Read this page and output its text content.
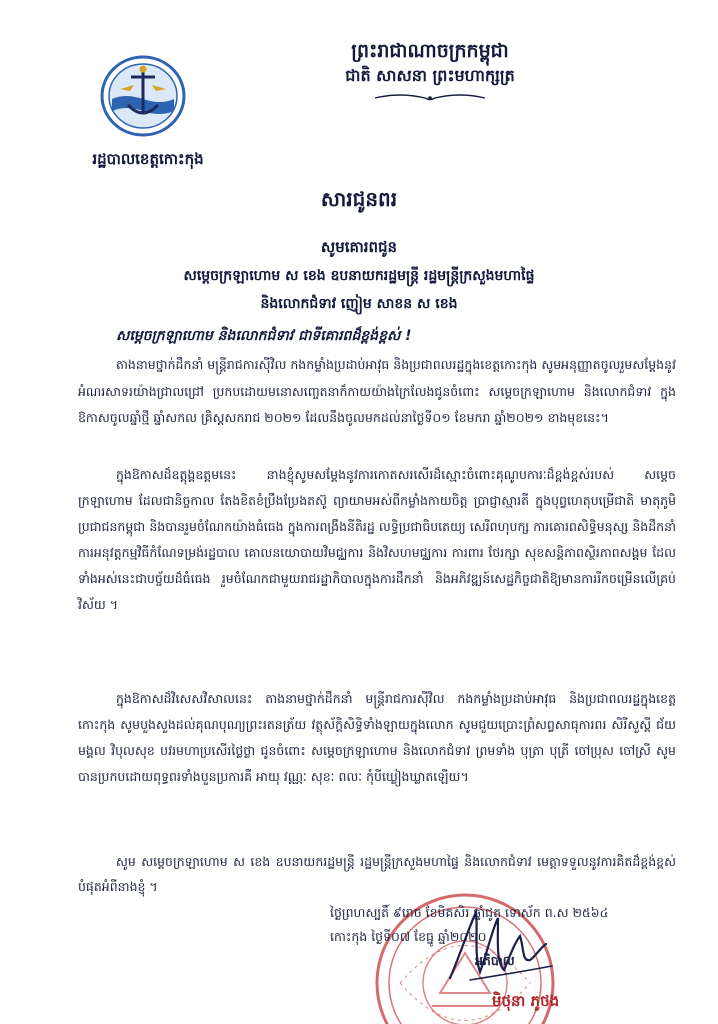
ព្រះរាជាណាចក្រកម្ពុជា
ជាតិ សាសនា ព្រះមហាក្សត្រ
រដ្ឋបាលខេត្តកោះកុង
សារជូនពរ
សូមគោរពជូន
សម្តេចក្រឡាហោម ស ខេង ឧបនាយករដ្ឋមន្ត្រី រដ្ឋមន្ត្រីក្រសួងមហាផ្ទៃ
និងលោកជំទាវ ញៀម សាខន ស ខេង
សម្តេចក្រឡាហោម និងលោកជំទាវ ជាទីគោរពដ៏ខ្ពង់ខ្ពស់ !
តាងនាមថ្នាក់ដឹកនាំ មន្ត្រីរាជការស៊ីវិល កងកម្លាំងប្រដាប់អាវុធ និងប្រជាពលរដ្ឋក្នុងខេត្តកោះកុង សូមអនុញ្ញាតចូលរួមសម្តែងនូវអំណរសាទរយ៉ាងជ្រាលជ្រៅ ប្រកបដោយមនោសញ្ចេតនាក៏កាយយ៉ាងក្រៃលែងជូនចំពោះ សម្តេចក្រឡាហោម និងលោកជំទាវ ក្នុងឱកាសចូលឆ្នាំថ្មី ឆ្នាំសកល គ្រិស្តសករាជ ២០២១ ដែលនឹងចូលមកដល់នាថ្ងៃទី០១ ខែមករា ឆ្នាំ២០២១ ខាងមុខនេះ។
ក្នុងឱកាសដ៏ឧត្តុង្គឧត្តមនេះ នាងខ្ញុំសូមសម្តែងនូវការកោតសរសើរដ៏ស្មោះចំពោះគុណូបការៈដ៏ខ្ពង់ខ្ពស់របស់ សម្តេចក្រឡាហោម ដែលជានិច្ចកាល តែងខិតខំប្រឹងប្រែងតស៊ូ ព្យាយាមអស់ពីកម្លាំងកាយចិត្ត ប្រាជ្ញាស្មារតី ក្នុងបុព្វហេតុបម្រើជាតិ មាតុភូមិ ប្រជាជនកម្ពុជា និងបានរួមចំណែកយ៉ាងធំធេង ក្នុងការពង្រឹងនីតិរដ្ឋ លទ្ធិប្រជាធិបតេយ្យ សេរីពហុបក្ស ការគោរពសិទ្ធិមនុស្ស និងដឹកនាំការអនុវត្តកម្មវិធីកំណែទម្រង់រដ្ឋបាល គោលនយោបាយវិមជ្ឈការ និងវិសហមជ្ឈការ ការពារ ថែរក្សា សុខសន្តិភាពស្ថិរភាពសង្គម ដែលទាំងអស់នេះជាបច្ច័យដ៏ធំធេង រួមចំណែកជាមួយរាជរដ្ឋាភិបាលក្នុងការដឹកនាំ និងអភិវឌ្ឍន៍សេដ្ឋកិច្ចជាតិឱ្យមានការរីកចម្រើនលើគ្រប់វិស័យ ។
ក្នុងឱកាសដ៏វិសេសវិសាលនេះ តាងនាមថ្នាក់ដឹកនាំ មន្ត្រីរាជការស៊ីវិល កងកម្លាំងប្រដាប់អាវុធ និងប្រជាពលរដ្ឋក្នុងខេត្តកោះកុង សូមបួងសួងដល់គុណបុណ្យព្រះរតនត្រ័យ វត្ថុស័ក្តិសិទ្ធិទាំងឡាយក្នុងលោក សូមជួយប្រោះព្រំសព្វសាធុការពរ សិរីសួស្តី ជ័យមង្គល វិបុលសុខ បវរមហាប្រសើរថ្លៃថ្លា ជូនចំពោះ សម្តេចក្រឡាហោម និងលោកជំទាវ ព្រមទាំង បុត្រា បុត្រី ចៅប្រុស ចៅស្រី សូមបានប្រកបដោយពុទ្ធពរទាំងបួនប្រការគឺ អាយុ វណ្ណៈ សុខៈ ពលៈ កុំបីឃ្លៀងឃ្លាតឡើយ។
សូម សម្តេចក្រឡាហោម ស ខេង ឧបនាយករដ្ឋមន្ត្រី រដ្ឋមន្ត្រីក្រសួងមហាផ្ទៃ និងលោកជំទាវ មេត្តាទទួលនូវការគិតដ៏ខ្ពង់ខ្ពស់បំផុតអំពីនាងខ្ញុំ ។
ថ្ងៃព្រហស្បតិ៍ ៩រោច ខែមិគសិរ ឆ្នាំជូត ទោស័ក ព.ស ២៥៦៤
កោះកុង ថ្ងៃទី០៧ ខែធ្នូ ឆ្នាំ២០២០
អភិបាល
មិថុនា ភូថង
